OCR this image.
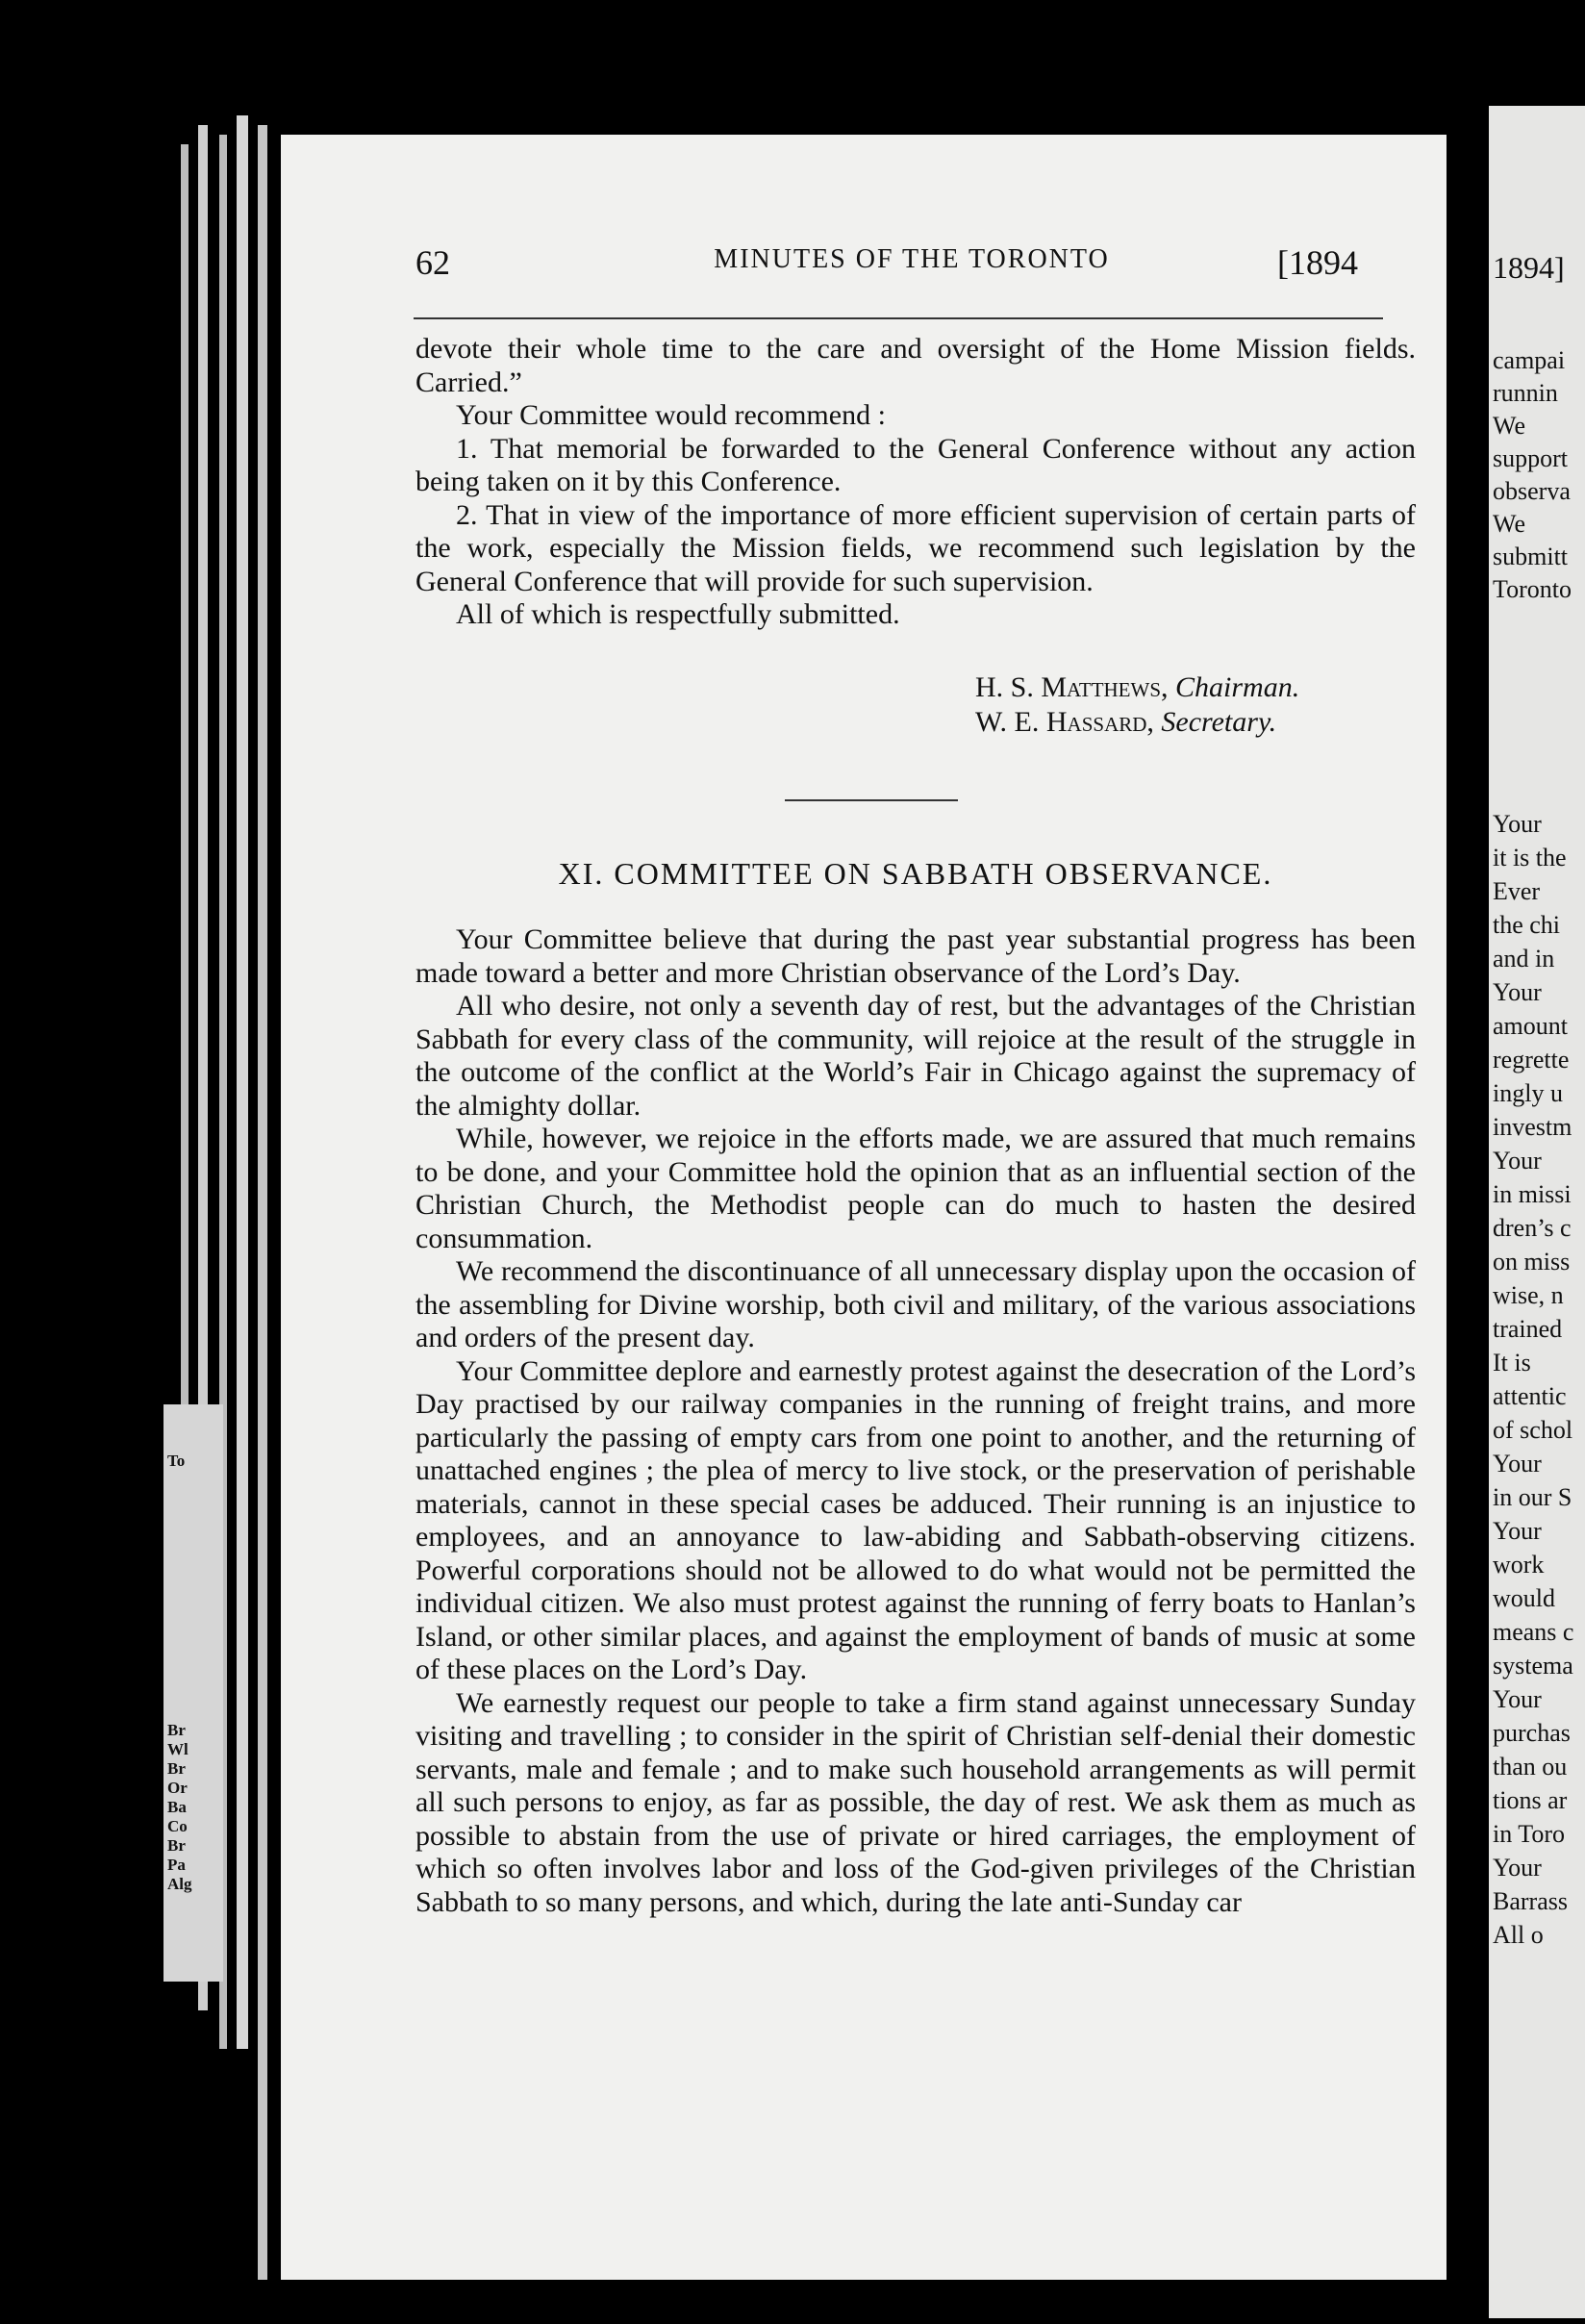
To
Br
Wl
Br
Or
Ba
Co
Br
Pa
Alg
62	MINUTES OF THE TORONTO	[1894

devote their whole time to the care and oversight of the Home Mission fields. Carried.”

Your Committee would recommend :

1. That memorial be forwarded to the General Conference without any action being taken on it by this Conference.

2. That in view of the importance of more efficient supervision of certain parts of the work, especially the Mission fields, we recommend such legislation by the General Conference that will provide for such supervision.

All of which is respectfully submitted.

H. S. Matthews, Chairman.
W. E. Hassard, Secretary.
XI. COMMITTEE ON SABBATH OBSERVANCE.

Your Committee believe that during the past year substantial progress has been made toward a better and more Christian observance of the Lord’s Day.

All who desire, not only a seventh day of rest, but the advantages of the Christian Sabbath for every class of the community, will rejoice at the result of the struggle in the outcome of the conflict at the World’s Fair in Chicago against the supremacy of the almighty dollar.

While, however, we rejoice in the efforts made, we are assured that much remains to be done, and your Committee hold the opinion that as an influential section of the Christian Church, the Methodist people can do much to hasten the desired consummation.

We recommend the discontinuance of all unnecessary display upon the occasion of the assembling for Divine worship, both civil and military, of the various associations and orders of the present day.

Your Committee deplore and earnestly protest against the desecration of the Lord’s Day practised by our railway companies in the running of freight trains, and more particularly the passing of empty cars from one point to another, and the returning of unattached engines ; the plea of mercy to live stock, or the preservation of perishable materials, cannot in these special cases be adduced. Their running is an injustice to employees, and an annoyance to law-abiding and Sabbath-observing citizens. Powerful corporations should not be allowed to do what would not be permitted the individual citizen. We also must protest against the running of ferry boats to Hanlan’s Island, or other similar places, and against the employment of bands of music at some of these places on the Lord’s Day.

We earnestly request our people to take a firm stand against unnecessary Sunday visiting and travelling ; to consider in the spirit of Christian self-denial their domestic servants, male and female ; and to make such household arrangements as will permit all such persons to enjoy, as far as possible, the day of rest. We ask them as much as possible to abstain from the use of private or hired carriages, the employment of which so often involves labor and loss of the God-given privileges of the Christian Sabbath to so many persons, and which, during the late anti-Sunday car

1894]
campai
runnin
We
support
observa
We
submitt
Toronto
Your
it is the
Ever
the chi
and in
Your
amount
regrette
ingly u
investm
Your
in missi
dren’s c
on miss
wise, n
trained
It is
attentic
of schol
Your
in our S
Your
work
would
means c
systema
Your
purchas
than ou
tions ar
in Toro
Your
Barrass
All o
